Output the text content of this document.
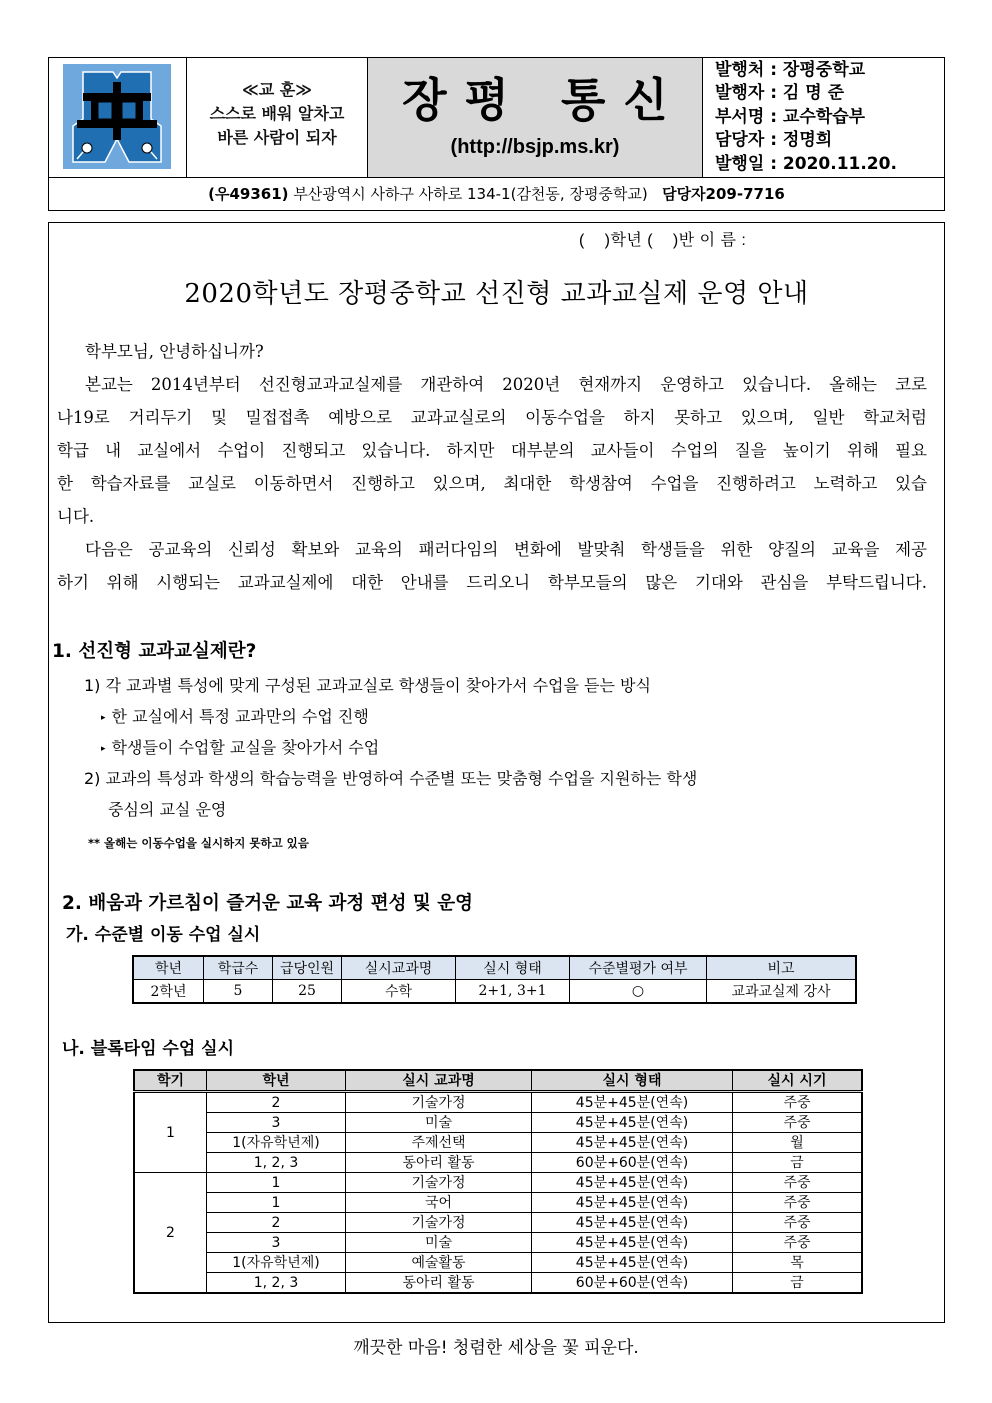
≪교 훈≫
스스로 배워 알차고
바른 사람이 되자
장평 통신
(http://bsjp.ms.kr)
발행처 : 장평중학교
발행자 : 김 명 준
부서명 : 교수학습부
담당자 : 정명희
발행일 : 2020.11.20.
(우49361) 부산광역시 사하구 사하로 134-1(감천동, 장평중학교) 담당자209-7716
(    )학년 (    )반 이 름 :
2020학년도 장평중학교 선진형 교과교실제 운영 안내
학부모님, 안녕하십니까?
본교는 2014년부터 선진형교과교실제를 개관하여 2020년 현재까지 운영하고 있습니다. 올해는 코로
나19로 거리두기 및 밀접접촉 예방으로 교과교실로의 이동수업을 하지 못하고 있으며, 일반 학교처럼
학급 내 교실에서 수업이 진행되고 있습니다. 하지만 대부분의 교사들이 수업의 질을 높이기 위해 필요
한 학습자료를 교실로 이동하면서 진행하고 있으며, 최대한 학생참여 수업을 진행하려고 노력하고 있습
니다.
다음은 공교육의 신뢰성 확보와 교육의 패러다임의 변화에 발맞춰 학생들을 위한 양질의 교육을 제공
하기 위해 시행되는 교과교실제에 대한 안내를 드리오니 학부모들의 많은 기대와 관심을 부탁드립니다.
1. 선진형 교과교실제란?
1) 각 교과별 특성에 맞게 구성된 교과교실로 학생들이 찾아가서 수업을 듣는 방식
▸ 한 교실에서 특정 교과만의 수업 진행
▸ 학생들이 수업할 교실을 찾아가서 수업
2) 교과의 특성과 학생의 학습능력을 반영하여 수준별 또는 맞춤형 수업을 지원하는 학생
중심의 교실 운영
** 올해는 이동수업을 실시하지 못하고 있음
2. 배움과 가르침이 즐거운 교육 과정 편성 및 운영
가. 수준별 이동 수업 실시
학년	학급수	급당인원	실시교과명	실시 형태	수준별평가 여부	비고
2학년	5	25	수학	2+1, 3+1	○	교과교실제 강사
나. 블록타임 수업 실시
학기	학년	실시 교과명	실시 형태	실시 시기
1	2	기술가정	45분+45분(연속)	주중
	3	미술	45분+45분(연속)	주중
	1(자유학년제)	주제선택	45분+45분(연속)	월
	1, 2, 3	동아리 활동	60분+60분(연속)	금
2	1	기술가정	45분+45분(연속)	주중
	1	국어	45분+45분(연속)	주중
	2	기술가정	45분+45분(연속)	주중
	3	미술	45분+45분(연속)	주중
	1(자유학년제)	예술활동	45분+45분(연속)	목
	1, 2, 3	동아리 활동	60분+60분(연속)	금
깨끗한 마음! 청렴한 세상을 꽃 피운다.
